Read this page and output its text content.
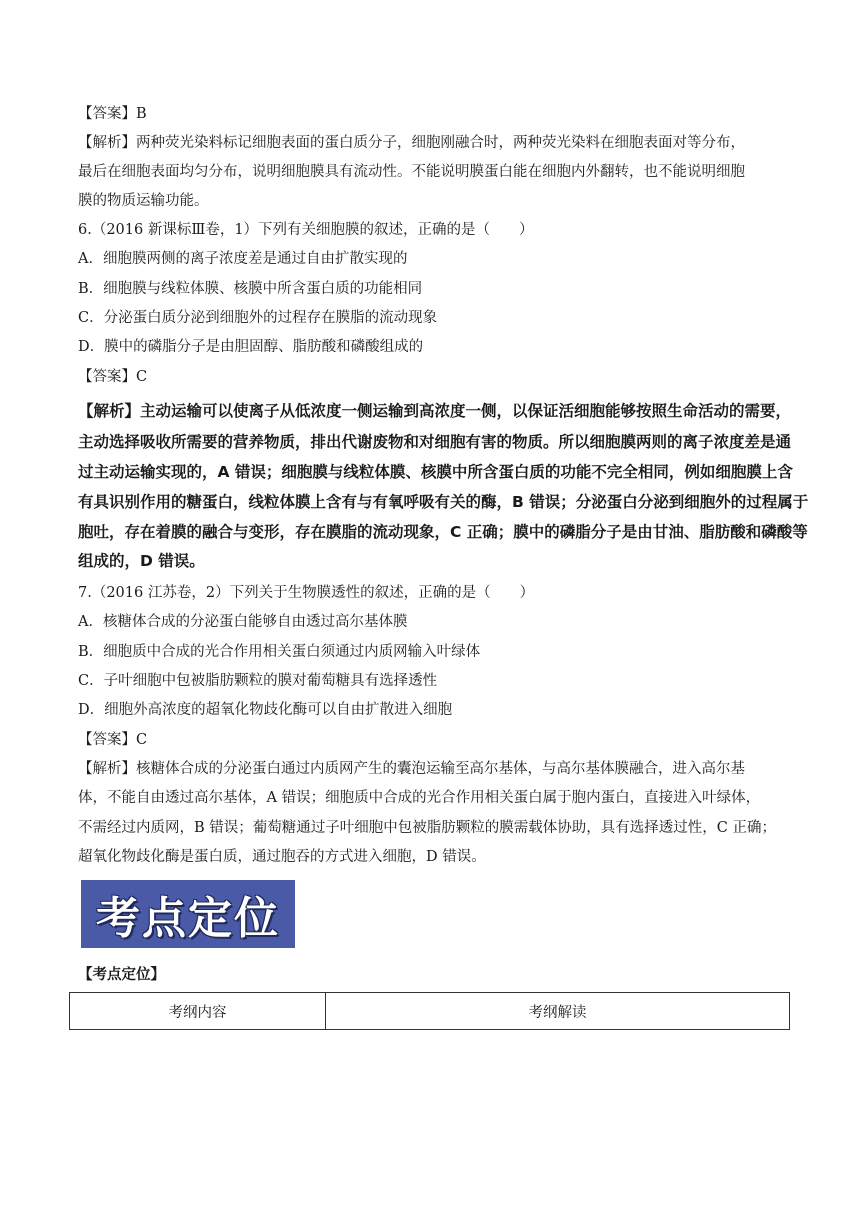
【答案】B
【解析】两种荧光染料标记细胞表面的蛋白质分子，细胞刚融合时，两种荧光染料在细胞表面对等分布，
最后在细胞表面均匀分布，说明细胞膜具有流动性。不能说明膜蛋白能在细胞内外翻转，也不能说明细胞
膜的物质运输功能。
6.（2016 新课标Ⅲ卷，1）下列有关细胞膜的叙述，正确的是（　　）
A．细胞膜两侧的离子浓度差是通过自由扩散实现的
B．细胞膜与线粒体膜、核膜中所含蛋白质的功能相同
C．分泌蛋白质分泌到细胞外的过程存在膜脂的流动现象
D．膜中的磷脂分子是由胆固醇、脂肪酸和磷酸组成的
【答案】C
【解析】主动运输可以使离子从低浓度一侧运输到高浓度一侧，以保证活细胞能够按照生命活动的需要，
主动选择吸收所需要的营养物质，排出代谢废物和对细胞有害的物质。所以细胞膜两则的离子浓度差是通
过主动运输实现的，A 错误；细胞膜与线粒体膜、核膜中所含蛋白质的功能不完全相同，例如细胞膜上含
有具识别作用的糖蛋白，线粒体膜上含有与有氧呼吸有关的酶，B 错误；分泌蛋白分泌到细胞外的过程属于
胞吐，存在着膜的融合与变形，存在膜脂的流动现象，C 正确；膜中的磷脂分子是由甘油、脂肪酸和磷酸等
组成的，D 错误。
7.（2016 江苏卷，2）下列关于生物膜透性的叙述，正确的是（　　）
A．核糖体合成的分泌蛋白能够自由透过高尔基体膜
B．细胞质中合成的光合作用相关蛋白须通过内质网输入叶绿体
C．子叶细胞中包被脂肪颗粒的膜对葡萄糖具有选择透性
D．细胞外高浓度的超氧化物歧化酶可以自由扩散进入细胞
【答案】C
【解析】核糖体合成的分泌蛋白通过内质网产生的囊泡运输至高尔基体，与高尔基体膜融合，进入高尔基
体，不能自由透过高尔基体，A 错误；细胞质中合成的光合作用相关蛋白属于胞内蛋白，直接进入叶绿体，
不需经过内质网，B 错误；葡萄糖通过子叶细胞中包被脂肪颗粒的膜需载体协助，具有选择透过性，C 正确；
超氧化物歧化酶是蛋白质，通过胞吞的方式进入细胞，D 错误。
考点定位
【考点定位】
考纲内容	考纲解读
